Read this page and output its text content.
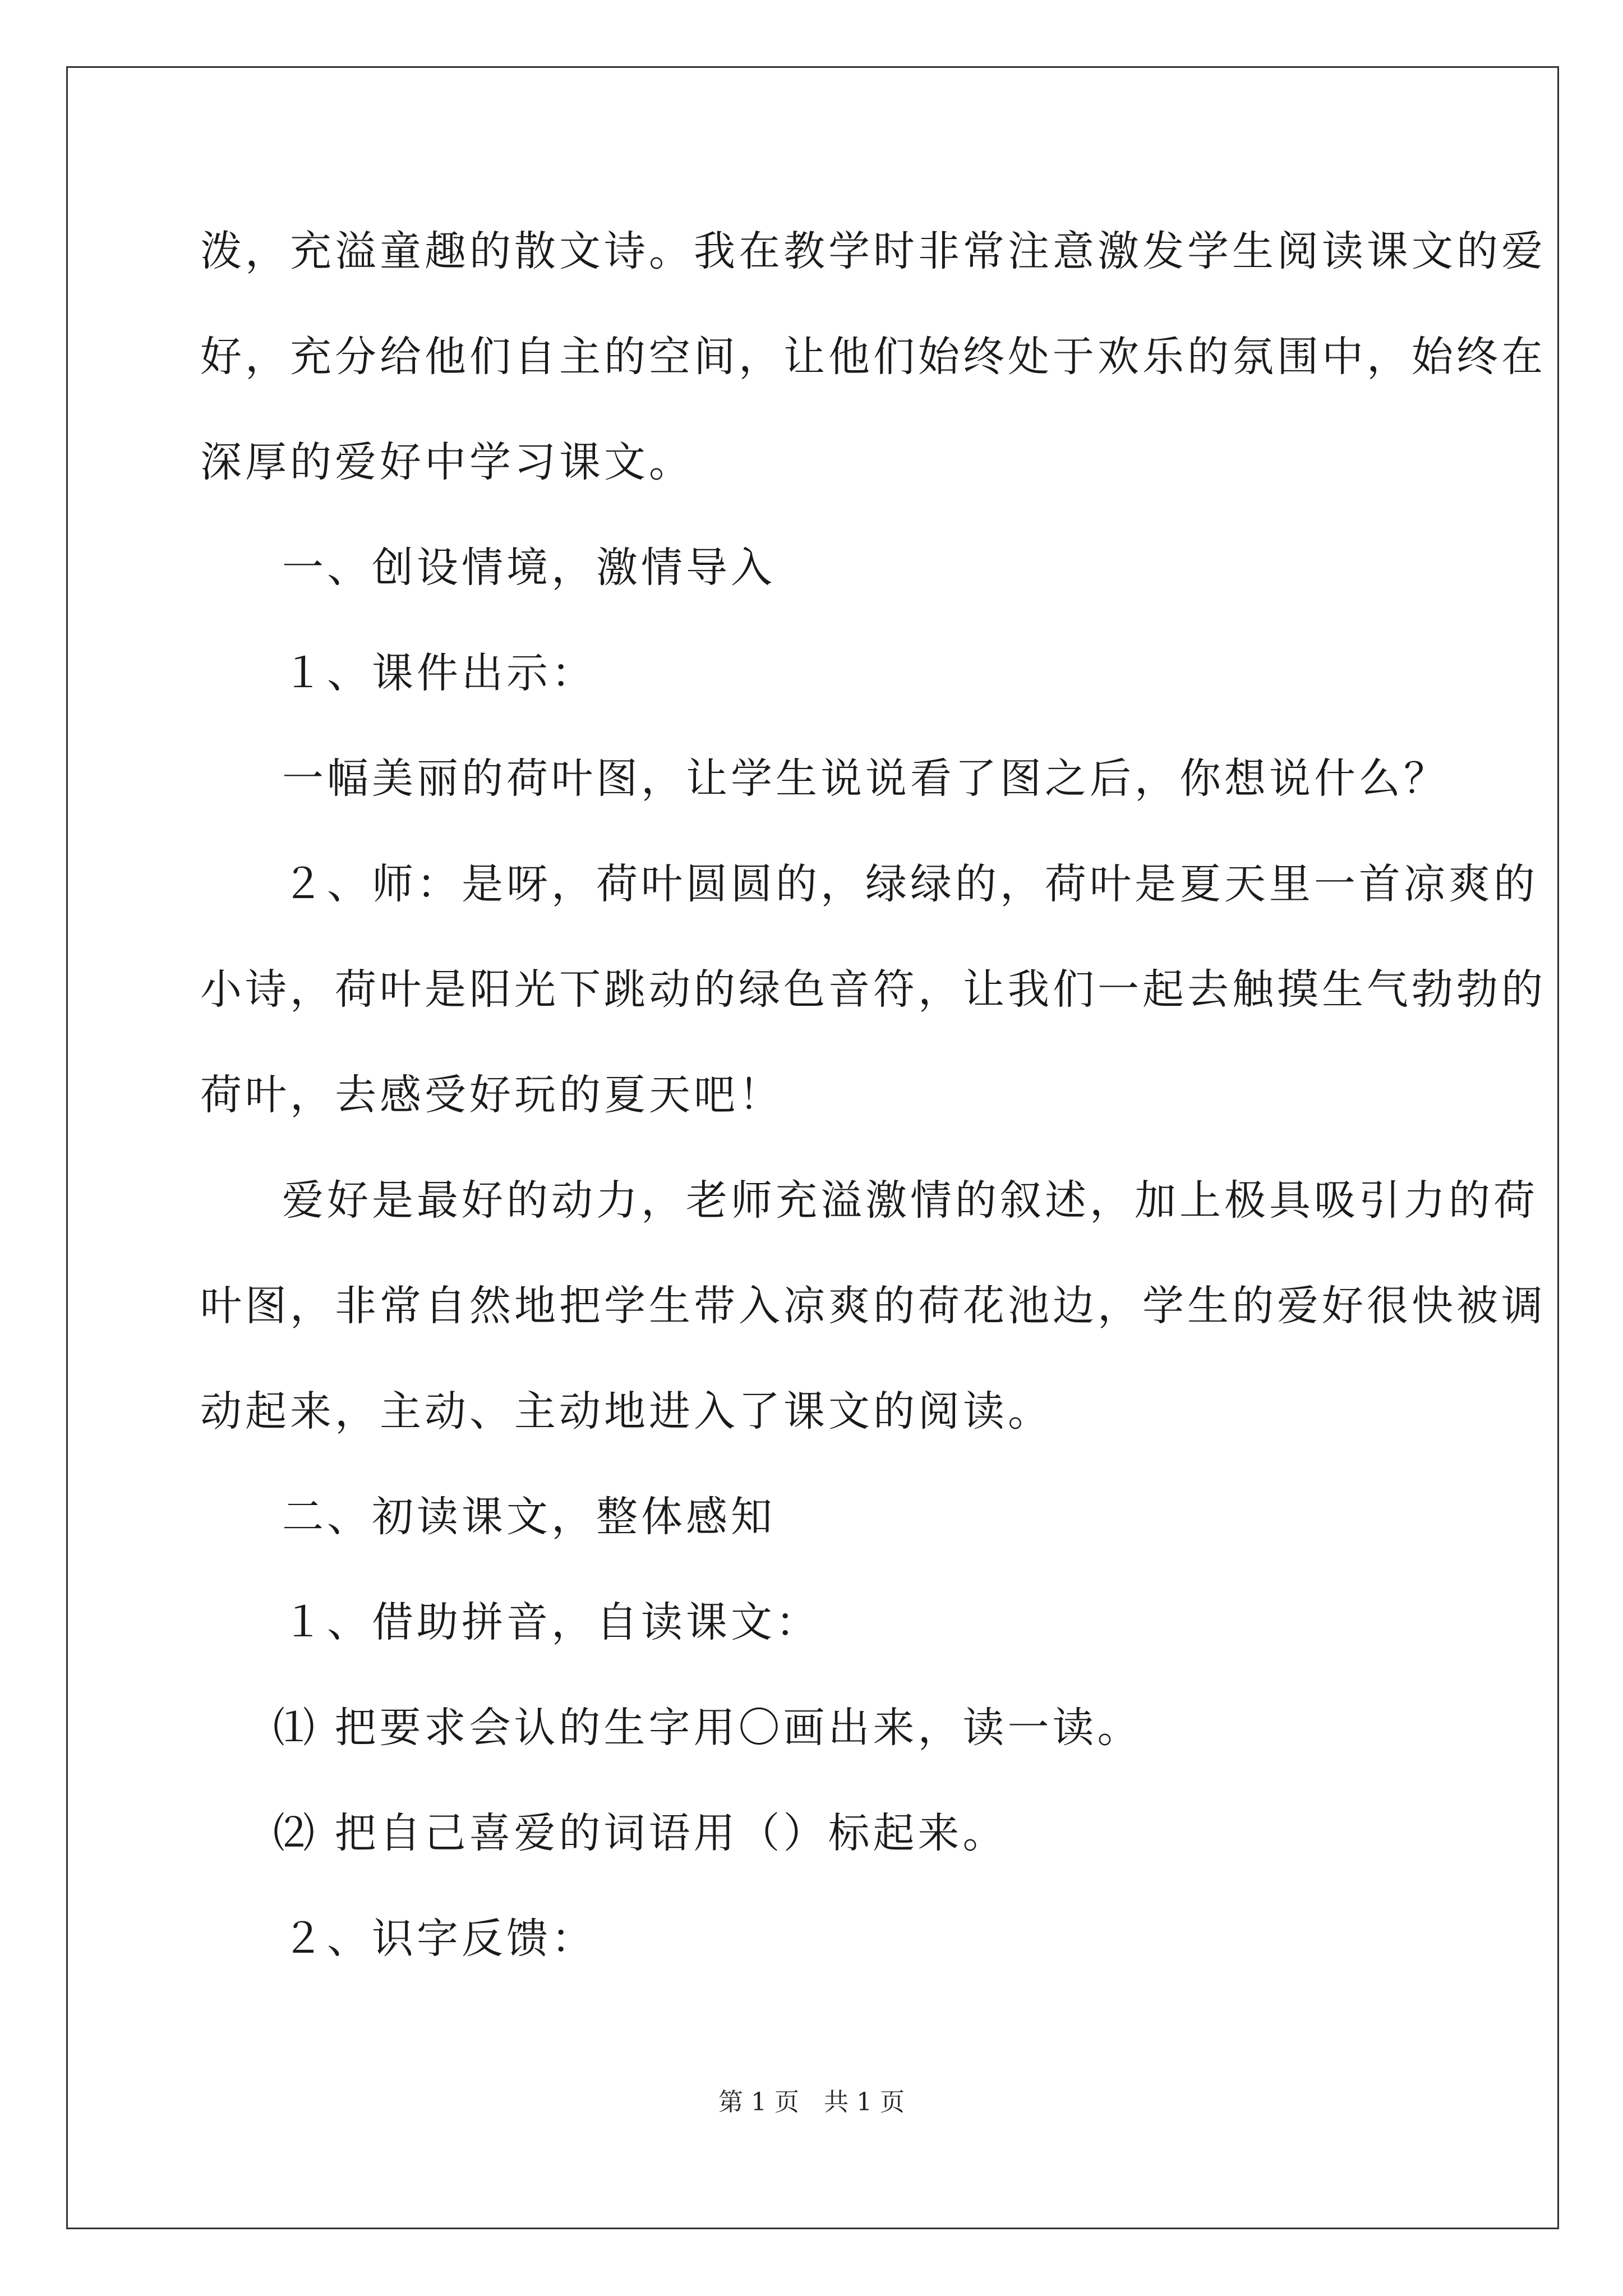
泼，充溢童趣的散文诗。我在教学时非常注意激发学生阅读课文的爱
好，充分给他们自主的空间，让他们始终处于欢乐的氛围中，始终在
深厚的爱好中学习课文。
一、创设情境，激情导入
１、课件出示：
一幅美丽的荷叶图，让学生说说看了图之后，你想说什么？
２、师：是呀，荷叶圆圆的，绿绿的，荷叶是夏天里一首凉爽的
小诗，荷叶是阳光下跳动的绿色音符，让我们一起去触摸生气勃勃的
荷叶，去感受好玩的夏天吧！
爱好是最好的动力，老师充溢激情的叙述，加上极具吸引力的荷
叶图，非常自然地把学生带入凉爽的荷花池边，学生的爱好很快被调
动起来，主动、主动地进入了课文的阅读。
二、初读课文，整体感知
１、借助拼音，自读课文：
⑴ 把要求会认的生字用〇画出来，读一读。
⑵ 把自己喜爱的词语用（）标起来。
２、识字反馈：
第 1 页　共 1 页
